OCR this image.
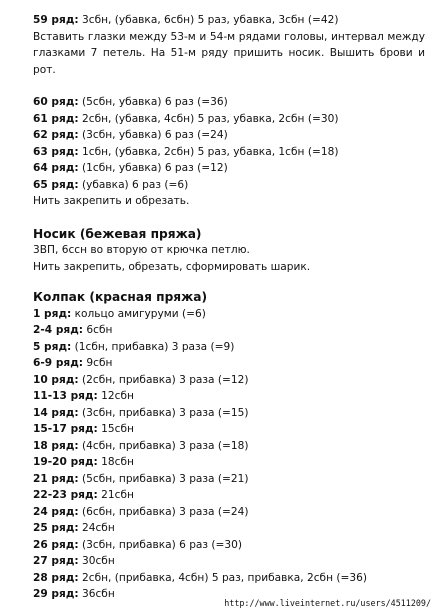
59 ряд: 3сбн, (убавка, 6сбн) 5 раз, убавка, 3сбн (=42)
Вставить глазки между 53-м и 54-м рядами головы, интервал между глазками 7 петель. На 51-м ряду пришить носик. Вышить брови и рот.
60 ряд: (5сбн, убавка) 6 раз (=36)
61 ряд: 2сбн, (убавка, 4сбн) 5 раз, убавка, 2сбн (=30)
62 ряд: (3сбн, убавка) 6 раз (=24)
63 ряд: 1сбн, (убавка, 2сбн) 5 раз, убавка, 1сбн (=18)
64 ряд: (1сбн, убавка) 6 раз (=12)
65 ряд: (убавка) 6 раз (=6)
Нить закрепить и обрезать.
Носик (бежевая пряжа)
3ВП, 6ссн во вторую от крючка петлю.
Нить закрепить, обрезать, сформировать шарик.
Колпак (красная пряжа)
1 ряд: кольцо амигуруми (=6)
2-4 ряд: 6сбн
5 ряд: (1сбн, прибавка) 3 раза (=9)
6-9 ряд: 9сбн
10 ряд: (2сбн, прибавка) 3 раза (=12)
11-13 ряд: 12сбн
14 ряд: (3сбн, прибавка) 3 раза (=15)
15-17 ряд: 15сбн
18 ряд: (4сбн, прибавка) 3 раза (=18)
19-20 ряд: 18сбн
21 ряд: (5сбн, прибавка) 3 раза (=21)
22-23 ряд: 21сбн
24 ряд: (6сбн, прибавка) 3 раза (=24)
25 ряд: 24сбн
26 ряд: (3сбн, прибавка) 6 раз (=30)
27 ряд: 30сбн
28 ряд: 2сбн, (прибавка, 4сбн) 5 раз, прибавка, 2сбн (=36)
29 ряд: 36сбн
http://www.liveinternet.ru/users/4511209/
